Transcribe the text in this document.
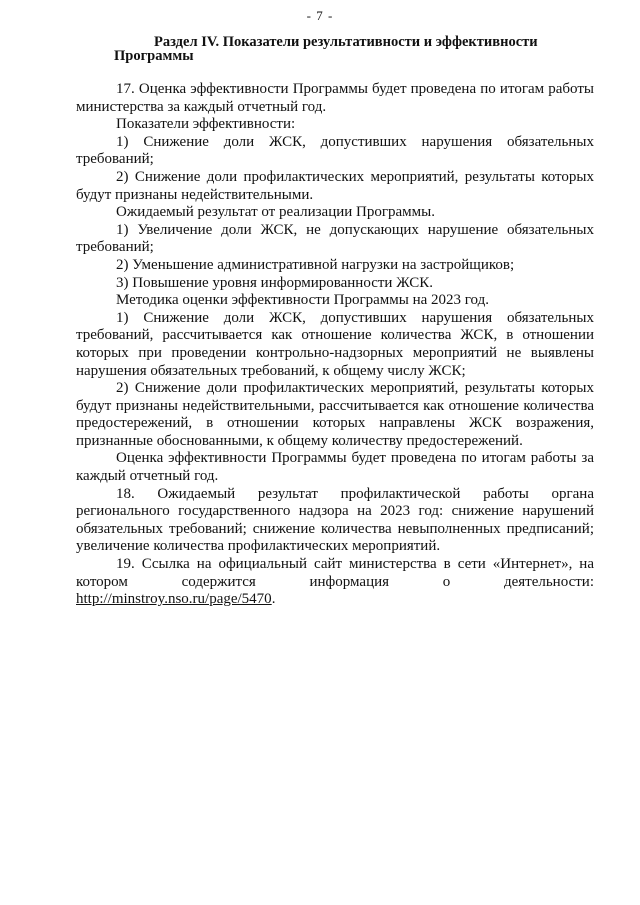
- 7 -
Раздел IV. Показатели результативности и эффективности
Программы

17. Оценка эффективности Программы будет проведена по итогам работы министерства за каждый отчетный год.

Показатели эффективности:

1) Снижение доли ЖСК, допустивших нарушения обязательных требований;

2) Снижение доли профилактических мероприятий, результаты которых будут признаны недействительными.

Ожидаемый результат от реализации Программы.

1) Увеличение доли ЖСК, не допускающих нарушение обязательных требований;

2) Уменьшение административной нагрузки на застройщиков;

3) Повышение уровня информированности ЖСК.

Методика оценки эффективности Программы на 2023 год.

1) Снижение доли ЖСК, допустивших нарушения обязательных требований, рассчитывается как отношение количества ЖСК, в отношении которых при проведении контрольно-надзорных мероприятий не выявлены нарушения обязательных требований, к общему числу ЖСК;

2) Снижение доли профилактических мероприятий, результаты которых будут признаны недействительными, рассчитывается как отношение количества предостережений, в отношении которых направлены ЖСК возражения, признанные обоснованными, к общему количеству предостережений.

Оценка эффективности Программы будет проведена по итогам работы за каждый отчетный год.

18. Ожидаемый результат профилактической работы органа регионального государственного надзора на 2023 год: снижение нарушений обязательных требований; снижение количества невыполненных предписаний; увеличение количества профилактических мероприятий.

19. Ссылка на официальный сайт министерства в сети «Интернет», на котором содержится информация о деятельности: http://minstroy.nso.ru/page/5470.
